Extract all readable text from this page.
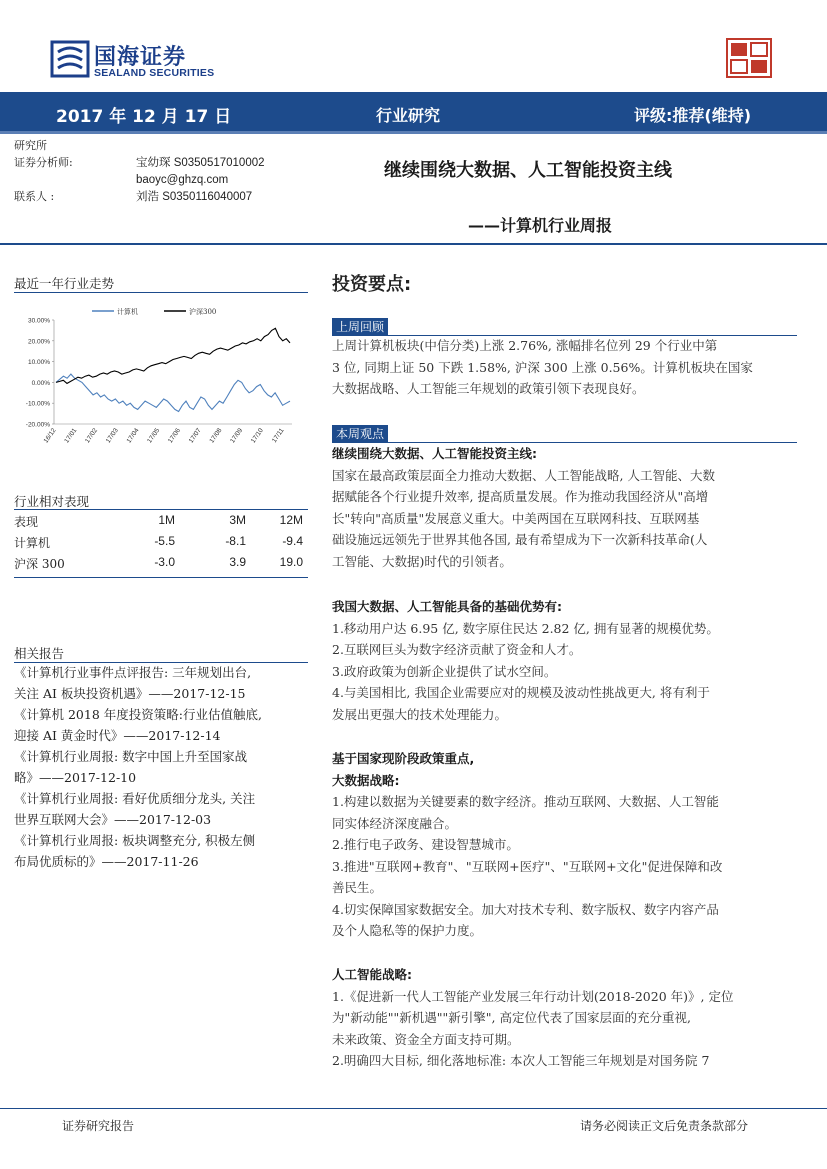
国海证券
SEALAND SECURITIES
2017 年 12 月 17 日	行业研究	评级:推荐(维持)
研究所
证券分析师:	宝幼琛 S0350517010002
baoyc@ghzq.com
联系人 :	刘浩 S0350116040007
继续围绕大数据、人工智能投资主线
——计算机行业周报
最近一年行业走势
30.00%
20.00%
10.00%
0.00%
-10.00%
-20.00%
16/12 17/01 17/02 17/03 17/04 17/05 17/06 17/07 17/08 17/09 17/10 17/11
计算机	沪深300
行业相对表现
表现	1M	3M	12M
计算机	-5.5	-8.1	-9.4
沪深 300	-3.0	3.9	19.0
相关报告
《计算机行业事件点评报告: 三年规划出台,
关注 AI 板块投资机遇》——2017-12-15
《计算机 2018 年度投资策略:行业估值触底,
迎接 AI 黄金时代》——2017-12-14
《计算机行业周报: 数字中国上升至国家战
略》——2017-12-10
《计算机行业周报: 看好优质细分龙头, 关注
世界互联网大会》——2017-12-03
《计算机行业周报: 板块调整充分, 积极左侧
布局优质标的》——2017-11-26
投资要点:
上周回顾
上周计算机板块(中信分类)上涨 2.76%, 涨幅排名位列 29 个行业中第
3 位, 同期上证 50 下跌 1.58%, 沪深 300 上涨 0.56%。计算机板块在国家
大数据战略、人工智能三年规划的政策引领下表现良好。
本周观点
继续围绕大数据、人工智能投资主线:
国家在最高政策层面全力推动大数据、人工智能战略, 人工智能、大数
据赋能各个行业提升效率, 提高质量发展。作为推动我国经济从"高增
长"转向"高质量"发展意义重大。中美两国在互联网科技、互联网基
础设施远远领先于世界其他各国, 最有希望成为下一次新科技革命(人
工智能、大数据)时代的引领者。
我国大数据、人工智能具备的基础优势有:
1.移动用户达 6.95 亿, 数字原住民达 2.82 亿, 拥有显著的规模优势。
2.互联网巨头为数字经济贡献了资金和人才。
3.政府政策为创新企业提供了试水空间。
4.与美国相比, 我国企业需要应对的规模及波动性挑战更大, 将有利于
发展出更强大的技术处理能力。
基于国家现阶段政策重点,
大数据战略:
1.构建以数据为关键要素的数字经济。推动互联网、大数据、人工智能
同实体经济深度融合。
2.推行电子政务、建设智慧城市。
3.推进"互联网+教育"、"互联网+医疗"、"互联网+文化"促进保障和改
善民生。
4.切实保障国家数据安全。加大对技术专利、数字版权、数字内容产品
及个人隐私等的保护力度。
人工智能战略:
1.《促进新一代人工智能产业发展三年行动计划(2018-2020 年)》, 定位
为"新动能""新机遇""新引擎", 高定位代表了国家层面的充分重视,
未来政策、资金全方面支持可期。
2.明确四大目标, 细化落地标准: 本次人工智能三年规划是对国务院 7
证券研究报告	请务必阅读正文后免责条款部分
